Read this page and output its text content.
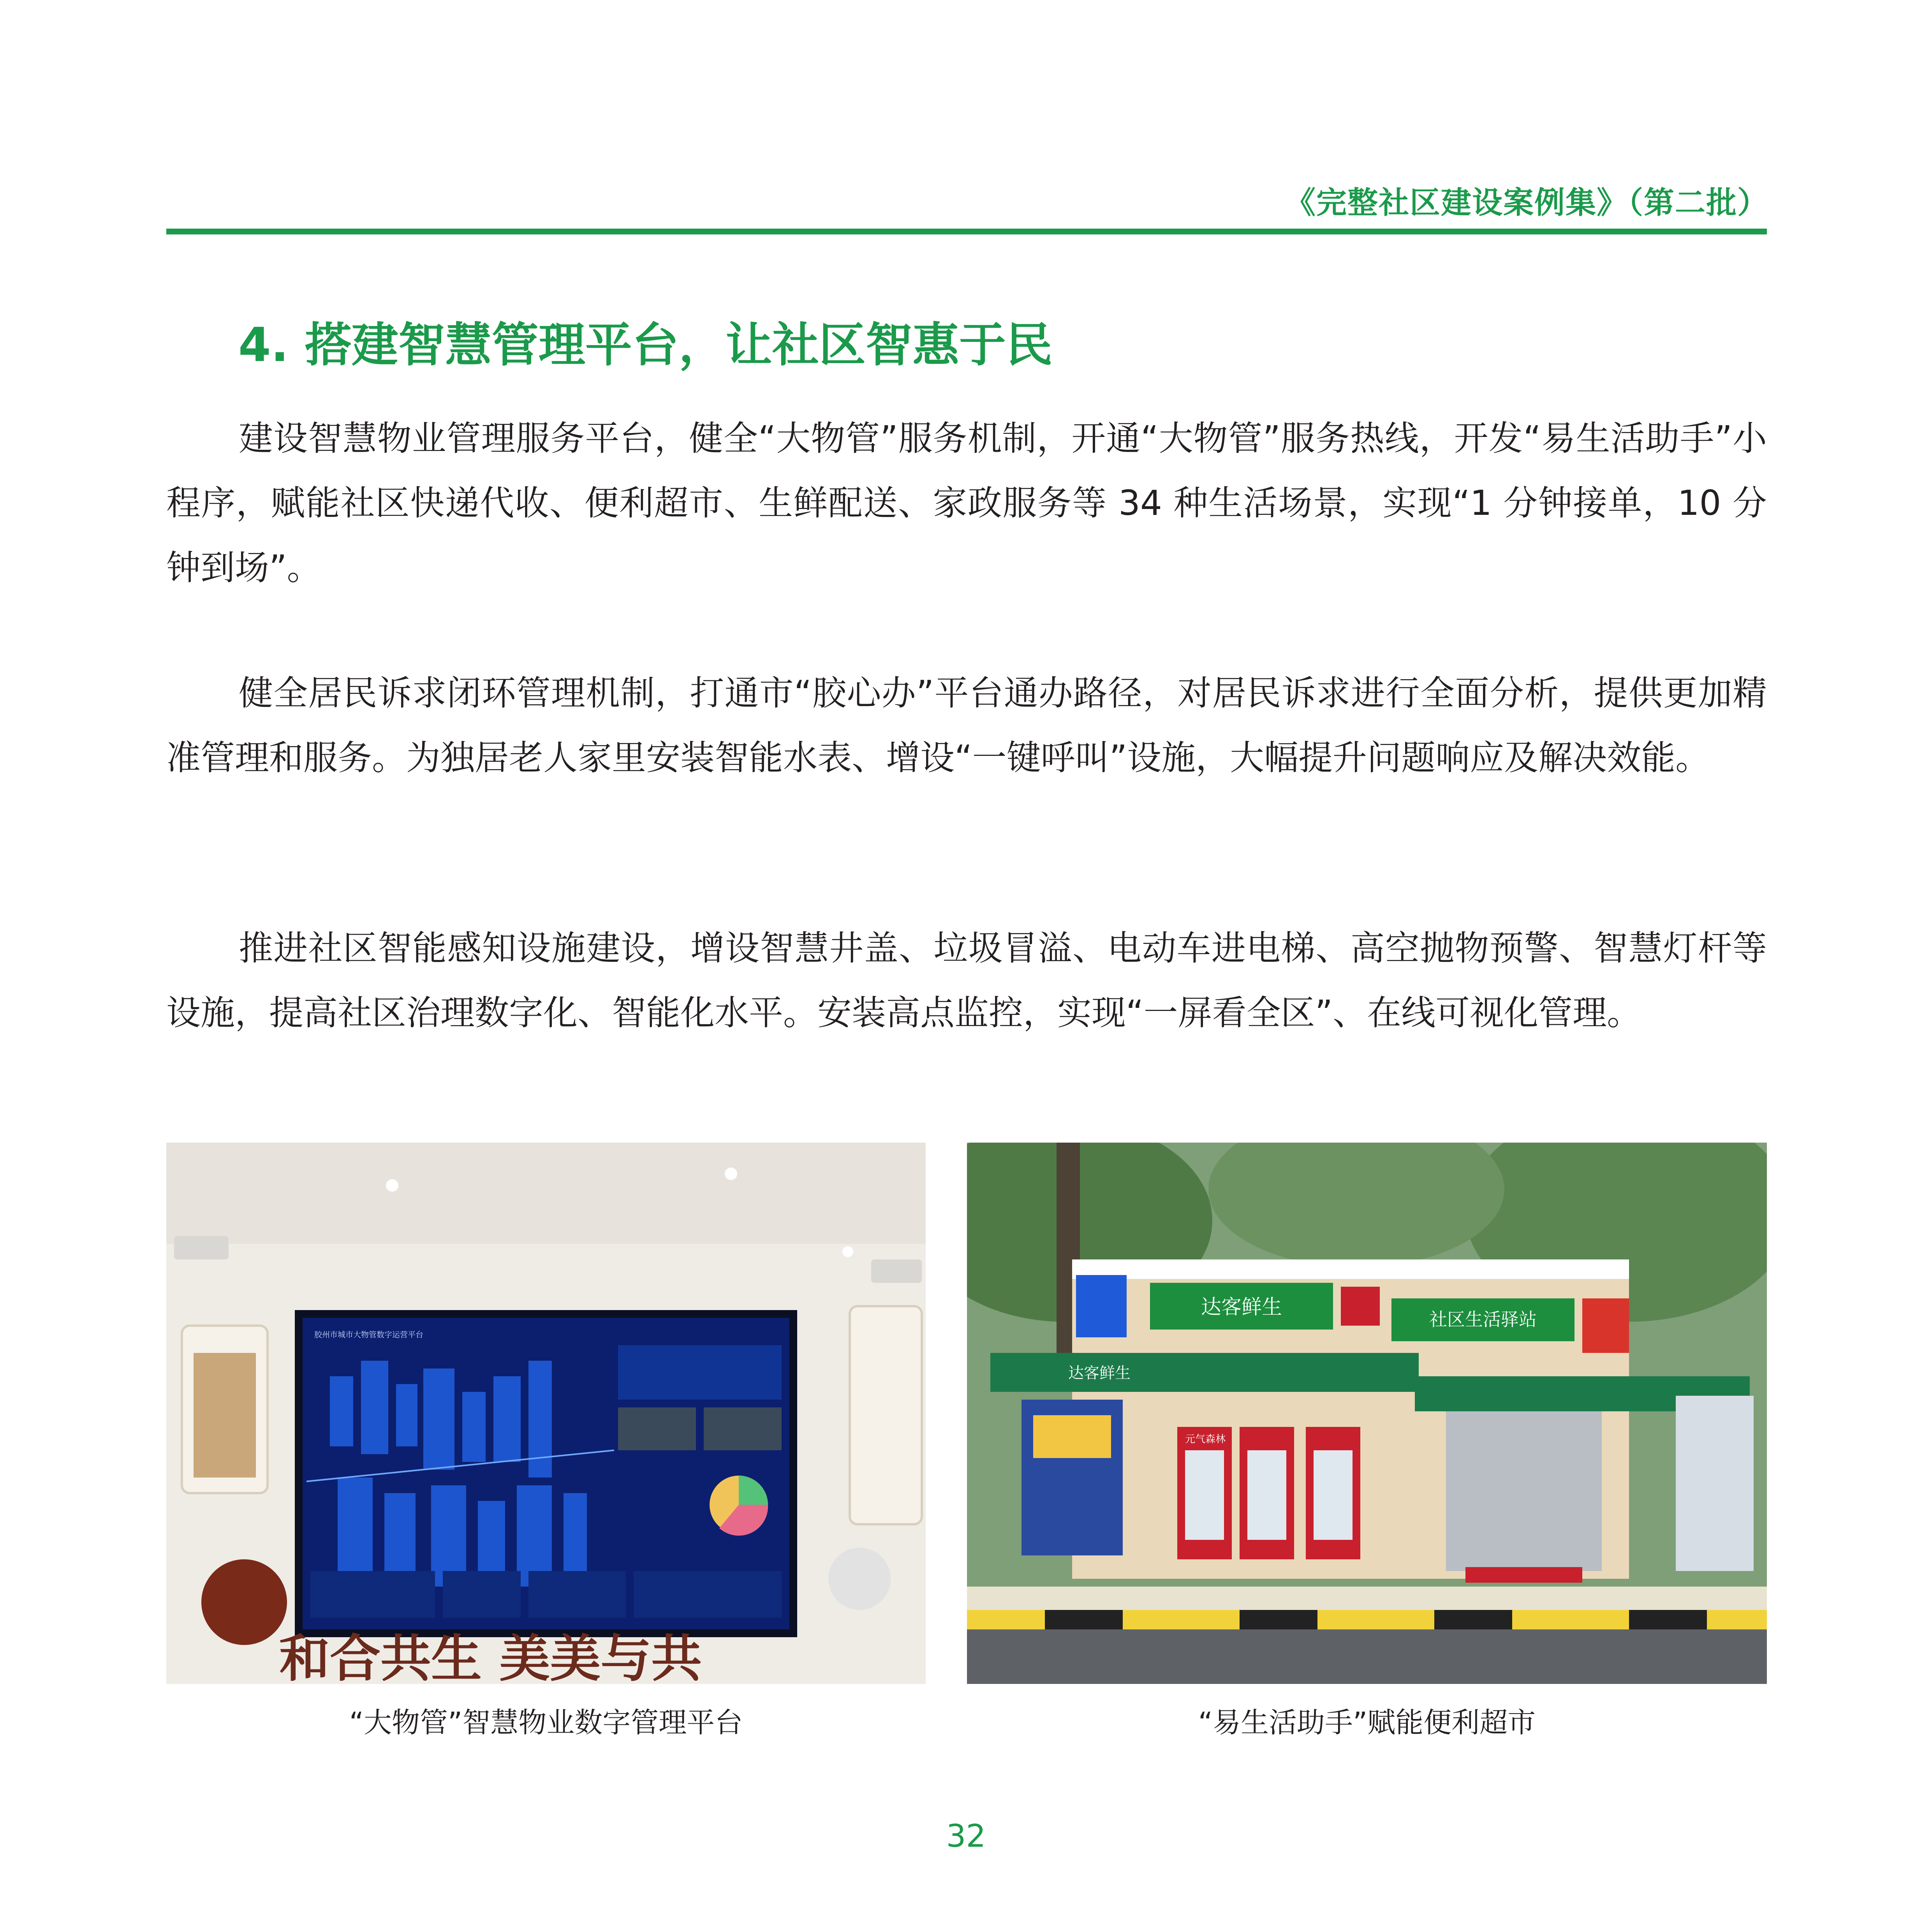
《完整社区建设案例集》（第二批）
4. 搭建智慧管理平台，让社区智惠于民

建设智慧物业管理服务平台，健全“大物管”服务机制，开通“大物管”服务热线，开发“易生活助手”小程序，赋能社区快递代收、便利超市、生鲜配送、家政服务等 34 种生活场景，实现“1 分钟接单，10 分钟到场”。

健全居民诉求闭环管理机制，打通市“胶心办”平台通办路径，对居民诉求进行全面分析，提供更加精准管理和服务。为独居老人家里安装智能水表、增设“一键呼叫”设施，大幅提升问题响应及解决效能。

推进社区智能感知设施建设，增设智慧井盖、垃圾冒溢、电动车进电梯、高空抛物预警、智慧灯杆等设施，提高社区治理数字化、智能化水平。安装高点监控，实现“一屏看全区”、在线可视化管理。

胶州市城市大物管数字运营平台
和合共生 美美与共
达客鲜生
社区生活驿站
达客鲜生
元气森林
“大物管”智慧物业数字管理平台	“易生活助手”赋能便利超市
32
